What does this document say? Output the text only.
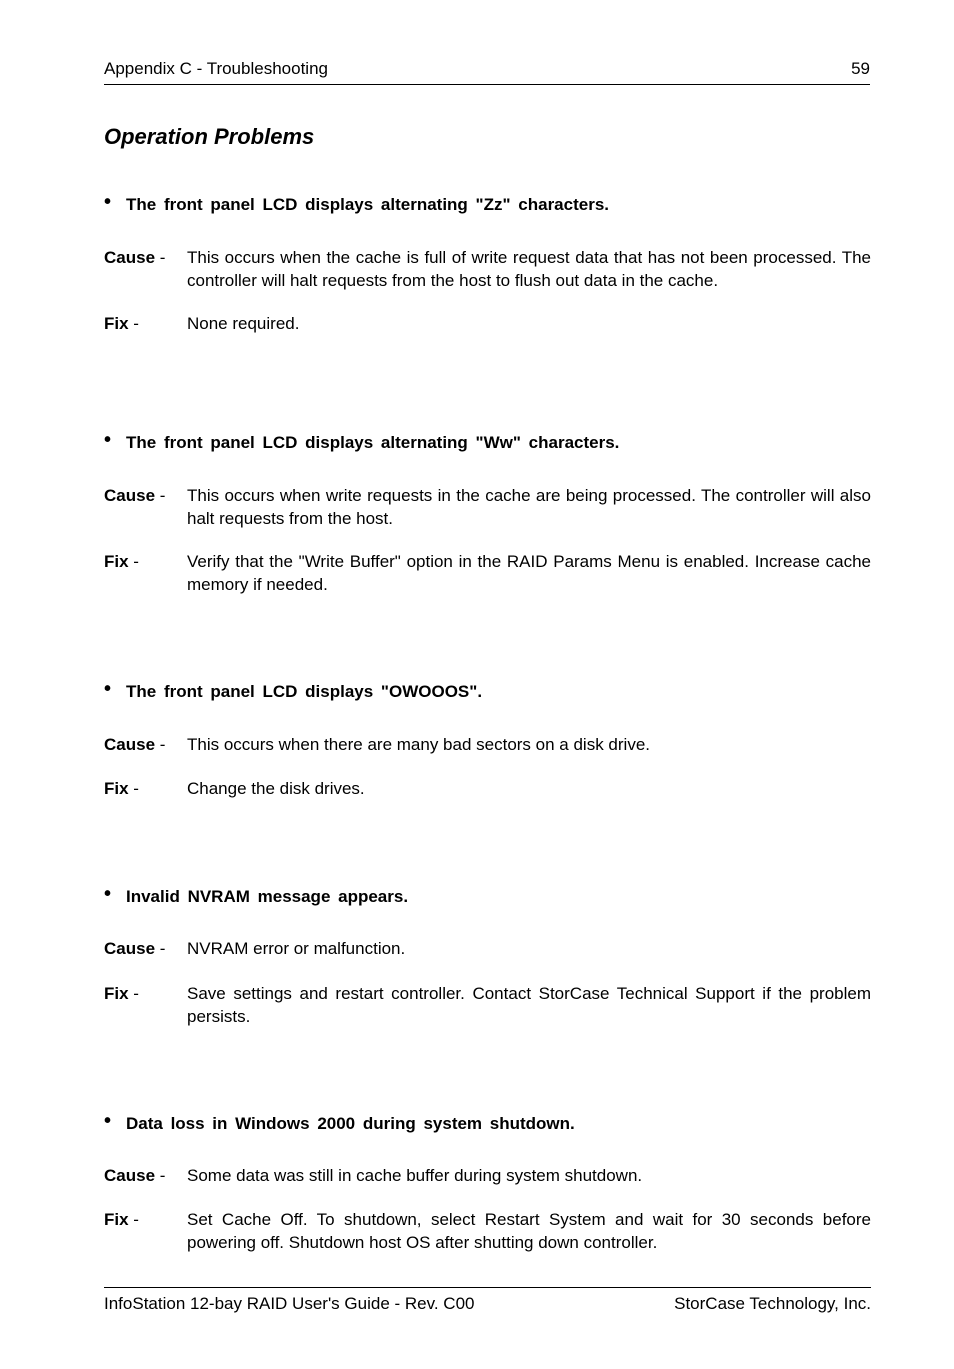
Appendix C - Troubleshooting	59
Operation Problems
• The front panel LCD displays alternating "Zz" characters.
Cause - This occurs when the cache is full of write request data that has not been processed. The controller will halt requests from the host to flush out data in the cache.
Fix -	None required.
• The front panel LCD displays alternating "Ww" characters.
Cause - This occurs when write requests in the cache are being processed. The controller will also halt requests from the host.
Fix -	Verify that the "Write Buffer" option in the RAID Params Menu is enabled. Increase cache memory if needed.
• The front panel LCD displays "OWOOOS".
Cause - This occurs when there are many bad sectors on a disk drive.
Fix -	Change the disk drives.
• Invalid NVRAM message appears.
Cause - NVRAM error or malfunction.
Fix -	Save settings and restart controller. Contact StorCase Technical Support if the problem persists.
• Data loss in Windows 2000 during system shutdown.
Cause - Some data was still in cache buffer during system shutdown.
Fix -	Set Cache Off. To shutdown, select Restart System and wait for 30 seconds before powering off. Shutdown host OS after shutting down controller.
InfoStation 12-bay RAID User's Guide - Rev. C00	StorCase Technology, Inc.
